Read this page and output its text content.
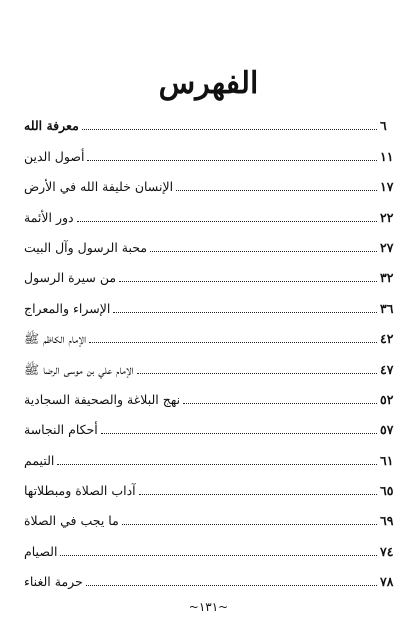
الفهرس
معرفة الله	٦
أصول الدين	١١
الإنسان خليفة الله في الأرض	١٧
دور الأئمة	٢٢
محبة الرسول وآل البيت	٢٧
من سيرة الرسول	٣٢
الإسراء والمعراج	٣٦
الإمام الكاظم ﷺ	٤٢
الإمام علي بن موسى الرضا ﷺ	٤٧
نهج البلاغة والصحيفة السجادية	٥٢
أحكام النجاسة	٥٧
التيمم	٦١
آداب الصلاة ومبطلاتها	٦٥
ما يجب في الصلاة	٦٩
الصيام	٧٤
حرمة الغناء	٧٨
~١٣١~
